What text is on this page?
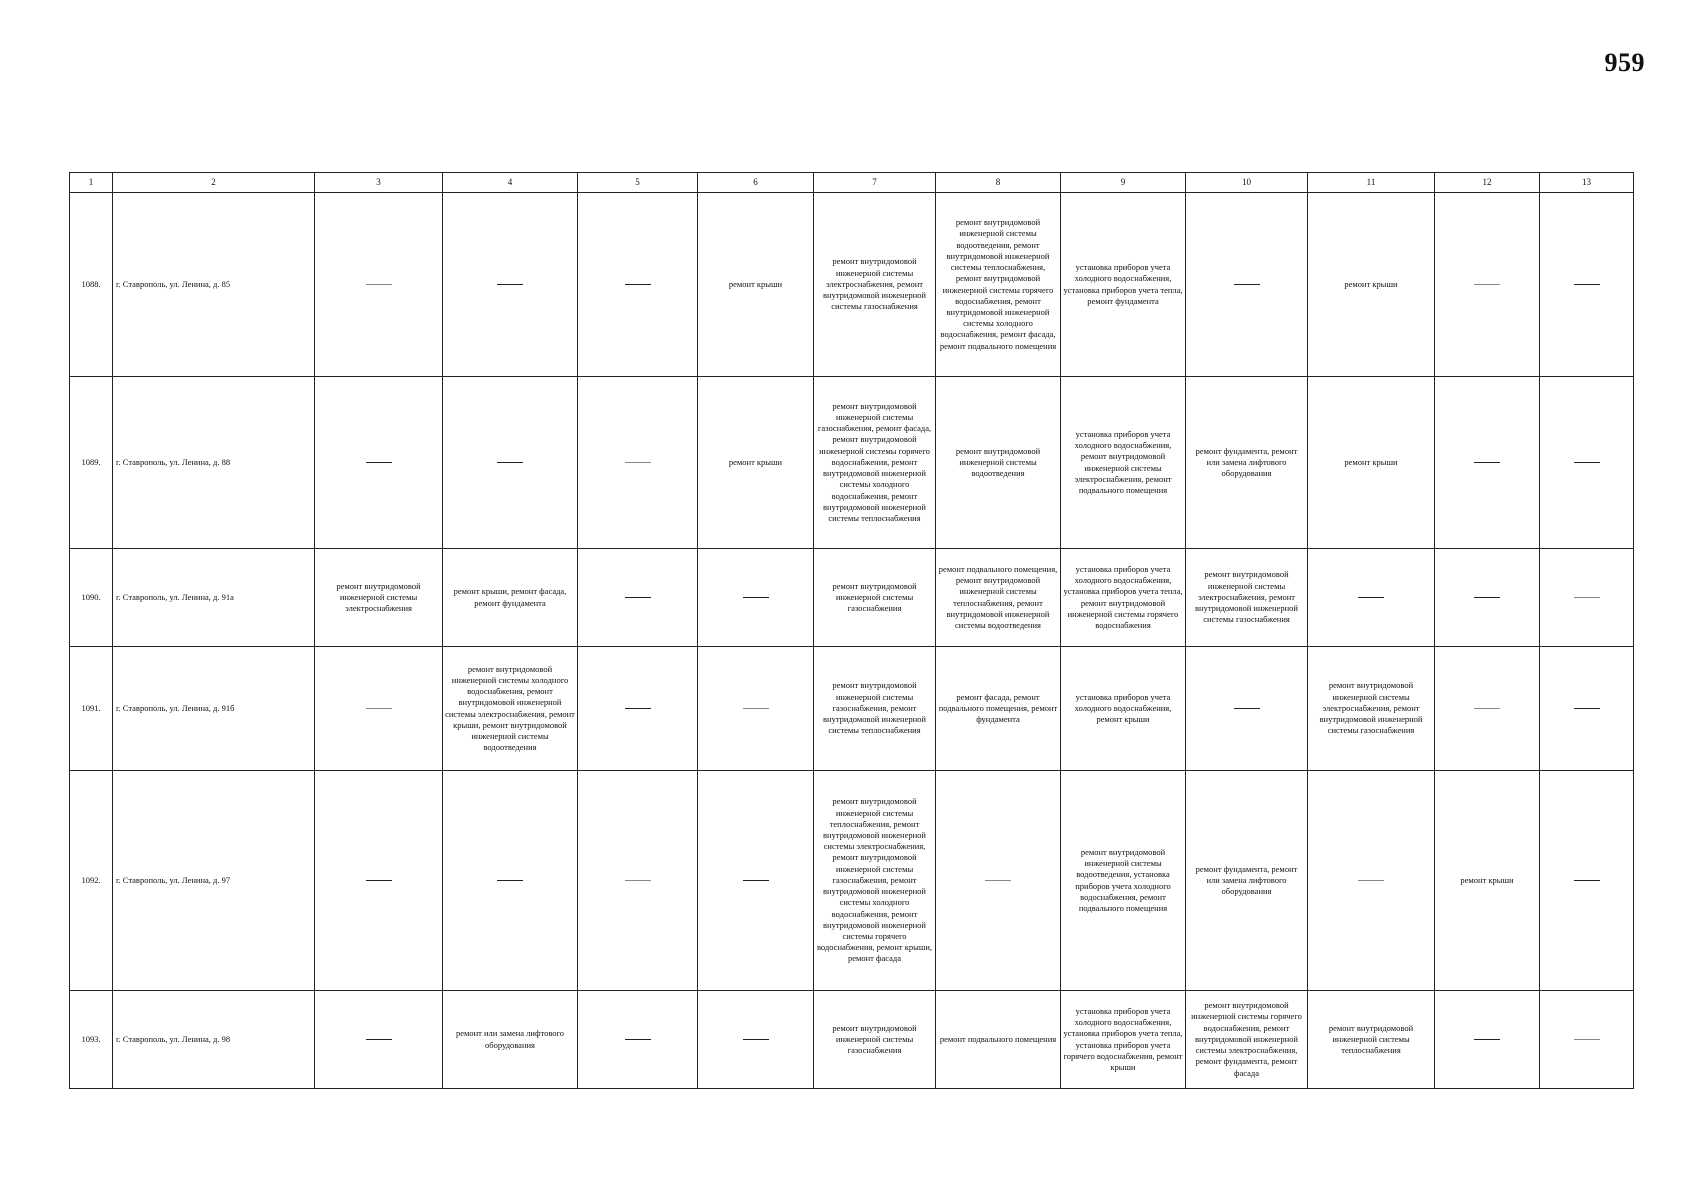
959
1	2	3	4	5	6	7	8	9	10	11	12	13
1088.	г. Ставрополь, ул. Ленина, д. 85				ремонт крыши	ремонт внутридомовой инженерной системы электроснабжения, ремонт внутридомовой инженерной системы газоснабжения	ремонт внутридомовой инженерной системы водоотведения, ремонт внутридомовой инженерной системы теплоснабжения, ремонт внутридомовой инженерной системы горячего водоснабжения, ремонт внутридомовой инженерной системы холодного водоснабжения, ремонт фасада, ремонт подвального помещения	установка приборов учета холодного водоснабжения, установка приборов учета тепла, ремонт фундамента		ремонт крыши		
1089.	г. Ставрополь, ул. Ленина, д. 88				ремонт крыши	ремонт внутридомовой инженерной системы газоснабжения, ремонт фасада, ремонт внутридомовой инженерной системы горячего водоснабжения, ремонт внутридомовой инженерной системы холодного водоснабжения, ремонт внутридомовой инженерной системы теплоснабжения	ремонт внутридомовой инженерной системы водоотведения	установка приборов учета холодного водоснабжения, ремонт внутридомовой инженерной системы электроснабжения, ремонт подвального помещения	ремонт фундамента, ремонт или замена лифтового оборудования	ремонт крыши		
1090.	г. Ставрополь, ул. Ленина, д. 91а	ремонт внутридомовой инженерной системы электроснабжения	ремонт крыши, ремонт фасада, ремонт фундамента			ремонт внутридомовой инженерной системы газоснабжения	ремонт подвального помещения, ремонт внутридомовой инженерной системы теплоснабжения, ремонт внутридомовой инженерной системы водоотведения	установка приборов учета холодного водоснабжения, установка приборов учета тепла, ремонт внутридомовой инженерной системы горячего водоснабжения	ремонт внутридомовой инженерной системы электроснабжения, ремонт внутридомовой инженерной системы газоснабжения			
1091.	г. Ставрополь, ул. Ленина, д. 91б		ремонт внутридомовой инженерной системы холодного водоснабжения, ремонт внутридомовой инженерной системы электроснабжения, ремонт крыши, ремонт внутридомовой инженерной системы водоотведения			ремонт внутридомовой инженерной системы газоснабжения, ремонт внутридомовой инженерной системы теплоснабжения	ремонт фасада, ремонт подвального помещения, ремонт фундамента	установка приборов учета холодного водоснабжения, ремонт крыши		ремонт внутридомовой инженерной системы электроснабжения, ремонт внутридомовой инженерной системы газоснабжения		
1092.	г. Ставрополь, ул. Ленина, д. 97					ремонт внутридомовой инженерной системы теплоснабжения, ремонт внутридомовой инженерной системы электроснабжения, ремонт внутридомовой инженерной системы газоснабжения, ремонт внутридомовой инженерной системы холодного водоснабжения, ремонт внутридомовой инженерной системы горячего водоснабжения, ремонт крыши, ремонт фасада		ремонт внутридомовой инженерной системы водоотведения, установка приборов учета холодного водоснабжения, ремонт подвального помещения	ремонт фундамента, ремонт или замена лифтового оборудования		ремонт крыши	
1093.	г. Ставрополь, ул. Ленина, д. 98		ремонт или замена лифтового оборудования			ремонт внутридомовой инженерной системы газоснабжения	ремонт подвального помещения	установка приборов учета холодного водоснабжения, установка приборов учета тепла, установка приборов учета горячего водоснабжения, ремонт крыши	ремонт внутридомовой инженерной системы горячего водоснабжения, ремонт внутридомовой инженерной системы электроснабжения, ремонт фундамента, ремонт фасада	ремонт внутридомовой инженерной системы теплоснабжения		
